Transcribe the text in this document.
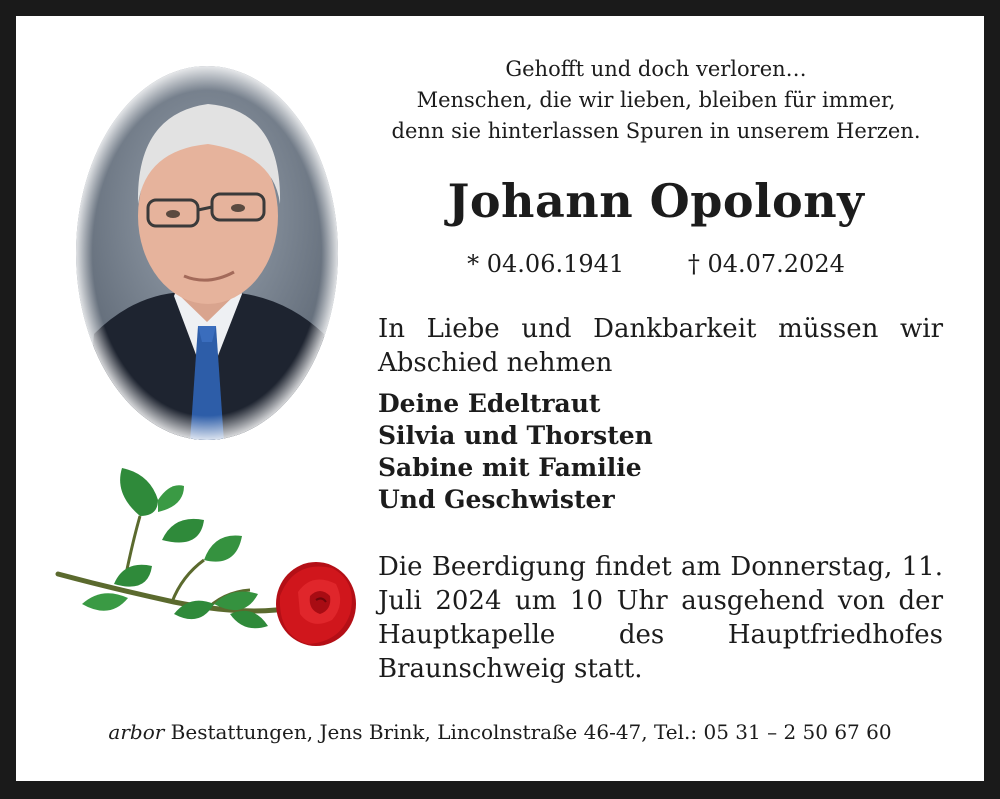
Gehofft und doch verloren…
Menschen, die wir lieben, bleiben für immer,
denn sie hinterlassen Spuren in unserem Herzen.
Johann Opolony
* 04.06.1941	† 04.07.2024
In Liebe und Dankbarkeit müssen wir Abschied nehmen
Deine Edeltraut
Silvia und Thorsten
Sabine mit Familie
Und Geschwister
Die Beerdigung findet am Donnerstag, 11. Juli 2024 um 10 Uhr ausgehend von der Hauptkapelle des Hauptfriedhofes Braunschweig statt.
arbor Bestattungen, Jens Brink, Lincolnstraße 46-47, Tel.: 05 31 – 2 50 67 60
